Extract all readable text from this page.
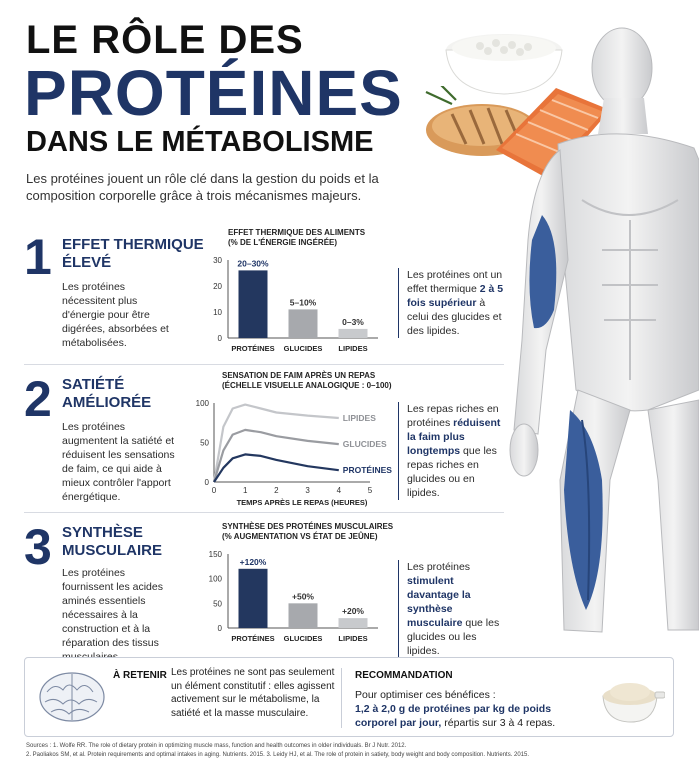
LE RÔLE DES
PROTÉINES
DANS LE MÉTABOLISME
Les protéines jouent un rôle clé dans la gestion du poids et la composition corporelle grâce à trois mécanismes majeurs.
1 EFFET THERMIQUE
ÉLEVÉ
Les protéines nécessitent plus d'énergie pour être digérées, absorbées et métabolisées.
EFFET THERMIQUE DES ALIMENTS
(% DE L'ÉNERGIE INGÉRÉE)
0
10
20
30 20–30%
PROTÉINES
5–10%
GLUCIDES
0–3%
LIPIDES
Les protéines ont un effet thermique 2 à 5 fois supérieur à celui des glucides et des lipides.
2 SATIÉTÉ
AMÉLIORÉE
Les protéines augmentent la satiété et réduisent les sensations de faim, ce qui aide à mieux contrôler l'apport énergétique.
SENSATION DE FAIM APRÈS UN REPAS
(ÉCHELLE VISUELLE ANALOGIQUE : 0–100)
0
50
100
0	1	2	3	4	5
TEMPS APRÈS LE REPAS (HEURES)
LIPIDES
GLUCIDES
PROTÉINES
Les repas riches en protéines réduisent la faim plus longtemps que les repas riches en glucides ou en lipides.
3 SYNTHÈSE
MUSCULAIRE
Les protéines fournissent les acides aminés essentiels nécessaires à la construction et à la réparation des tissus
SYNTHÈSE DES PROTÉINES MUSCULAIRES
(% AUGMENTATION VS ÉTAT DE JEÛNE)
0
50
100
150
+120%
PROTÉINES
+50%
GLUCIDES
+20%
LIPIDES
Les protéines stimulent davantage la synthèse musculaire que les glucides ou les lipides.
À RETENIR Les protéines ne sont pas seulement un élément constitutif : elles agissent activement sur le métabolisme, la satiété et la masse musculaire.
RECOMMANDATION
Pour optimiser ces bénéfices :
1,2 à 2,0 g de protéines par kg de poids corporel par jour, répartis sur 3 à 4 repas.
Sources : 1. Wolfe RR. The role of dietary protein in optimizing muscle mass, function and health outcomes in older individuals. Br J Nutr. 2012.
2. Paoliakos SM, et al. Protein requirements and optimal intakes in aging. Nutrients. 2015. 3. Leidy HJ, et al. The role of protein in satiety, body weight and body composition. Nutrients. 2015.
